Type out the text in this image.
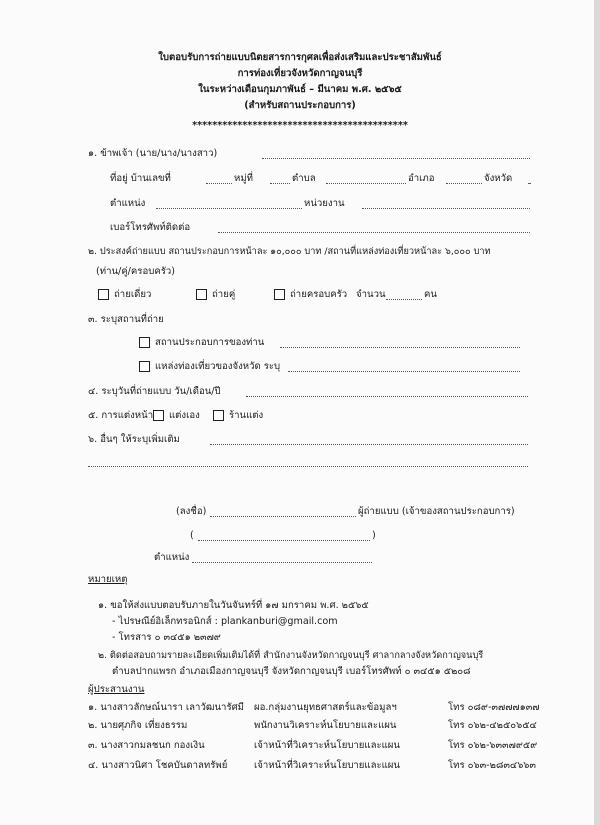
ใบตอบรับการถ่ายแบบนิตยสารการกุศลเพื่อส่งเสริมและประชาสัมพันธ์
การท่องเที่ยวจังหวัดกาญจนบุรี
ในระหว่างเดือนกุมภาพันธ์ – มีนาคม พ.ศ. ๒๕๖๕
(สำหรับสถานประกอบการ)
*******************************************
๑. ข้าพเจ้า (นาย/นาง/นางสาว)
ที่อยู่ บ้านเลขที่	หมู่ที่	ตำบล	อำเภอ	จังหวัด
ตำแหน่ง	หน่วยงาน
เบอร์โทรศัพท์ติดต่อ
๒. ประสงค์ถ่ายแบบ สถานประกอบการหน้าละ ๑๐,๐๐๐ บาท /สถานที่แหล่งท่องเที่ยวหน้าละ ๖,๐๐๐ บาท
(ท่าน/คู่/ครอบครัว)
ถ่ายเดี่ยว	ถ่ายคู่	ถ่ายครอบครัว จำนวน	คน
๓. ระบุสถานที่ถ่าย
สถานประกอบการของท่าน
แหล่งท่องเที่ยวของจังหวัด ระบุ
๔. ระบุวันที่ถ่ายแบบ วัน/เดือน/ปี
๕. การแต่งหน้า แต่งเอง	ร้านแต่ง
๖. อื่นๆ ให้ระบุเพิ่มเติม
(ลงชื่อ)	ผู้ถ่ายแบบ (เจ้าของสถานประกอบการ)
(	)
ตำแหน่ง
หมายเหตุ
๑. ขอให้ส่งแบบตอบรับภายในวันจันทร์ที่ ๑๗ มกราคม พ.ศ. ๒๕๖๕
- ไปรษณีย์อิเล็กทรอนิกส์ : plankanburi@gmail.com
- โทรสาร ๐ ๓๔๕๑ ๒๓๗๙
๒. ติดต่อสอบถามรายละเอียดเพิ่มเติมได้ที่ สำนักงานจังหวัดกาญจนบุรี ศาลากลางจังหวัดกาญจนบุรี
ตำบลปากแพรก อำเภอเมืองกาญจนบุรี จังหวัดกาญจนบุรี เบอร์โทรศัพท์ ๐ ๓๔๕๑ ๕๒๐๘
ผู้ประสานงาน
๑. นางสาวลักษณ์นารา เลาวัฒนารัศมี ผอ.กลุ่มงานยุทธศาสตร์และข้อมูลฯ	โทร ๐๘๙-๓๗๗๗๑๓๗
๒. นายศุภกิจ เที่ยงธรรม	พนักงานวิเคราะห์นโยบายและแผน	โทร ๐๖๒-๔๒๕๐๖๕๔
๓. นางสาวกมลชนก กองเงิน	เจ้าหน้าที่วิเคราะห์นโยบายและแผน	โทร ๐๖๒-๖๓๓๗๙๕๙
๔. นางสาวนิศา โชคบันดาลทรัพย์	เจ้าหน้าที่วิเคราะห์นโยบายและแผน	โทร ๐๖๓-๒๘๓๔๖๖๓
